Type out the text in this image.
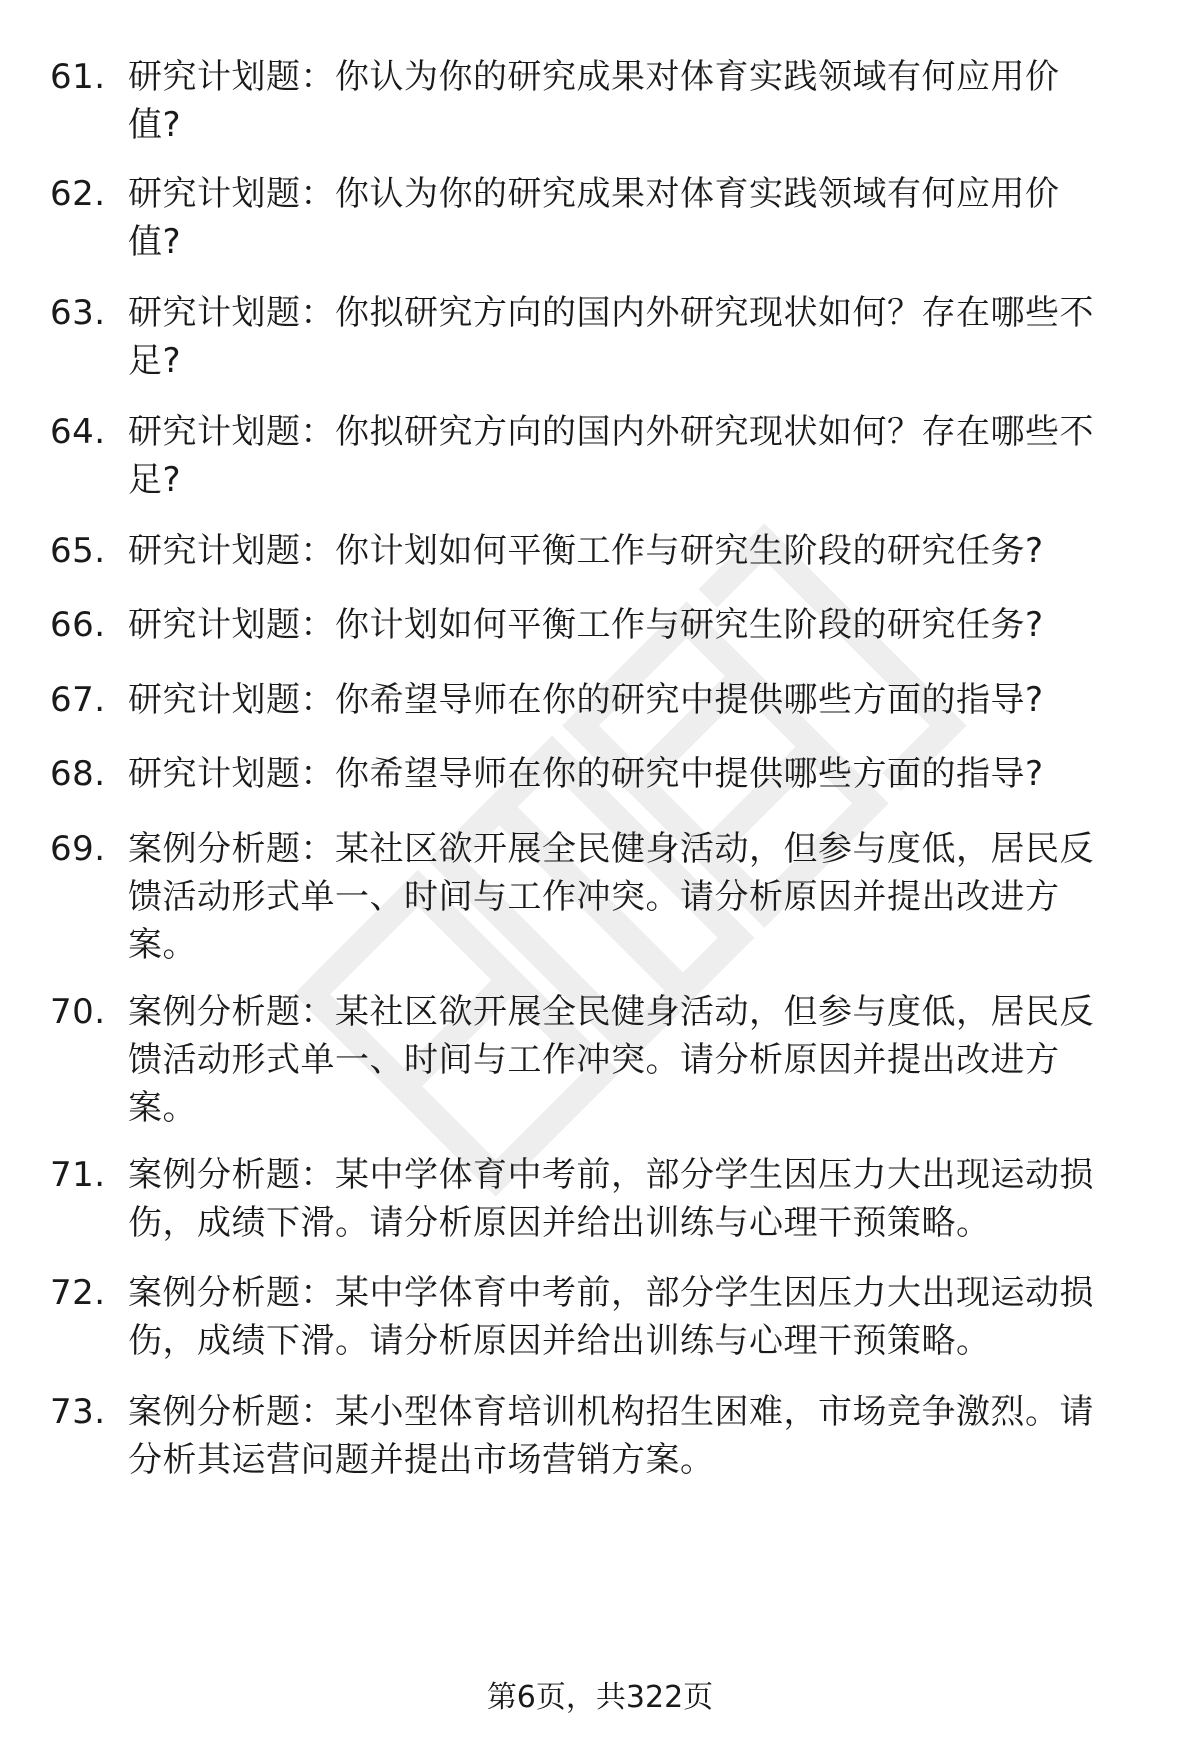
61. 研究计划题：你认为你的研究成果对体育实践领域有何应用价
值?
62. 研究计划题：你认为你的研究成果对体育实践领域有何应用价
值?
63. 研究计划题：你拟研究方向的国内外研究现状如何？存在哪些不
足?
64. 研究计划题：你拟研究方向的国内外研究现状如何？存在哪些不
足?
65. 研究计划题：你计划如何平衡工作与研究生阶段的研究任务?
66. 研究计划题：你计划如何平衡工作与研究生阶段的研究任务?
67. 研究计划题：你希望导师在你的研究中提供哪些方面的指导?
68. 研究计划题：你希望导师在你的研究中提供哪些方面的指导?
69. 案例分析题：某社区欲开展全民健身活动，但参与度低，居民反
馈活动形式单一、时间与工作冲突。请分析原因并提出改进方
案。
70. 案例分析题：某社区欲开展全民健身活动，但参与度低，居民反
馈活动形式单一、时间与工作冲突。请分析原因并提出改进方
案。
71. 案例分析题：某中学体育中考前，部分学生因压力大出现运动损
伤，成绩下滑。请分析原因并给出训练与心理干预策略。
72. 案例分析题：某中学体育中考前，部分学生因压力大出现运动损
伤，成绩下滑。请分析原因并给出训练与心理干预策略。
73. 案例分析题：某小型体育培训机构招生困难，市场竞争激烈。请
分析其运营问题并提出市场营销方案。
第6页，共322页
